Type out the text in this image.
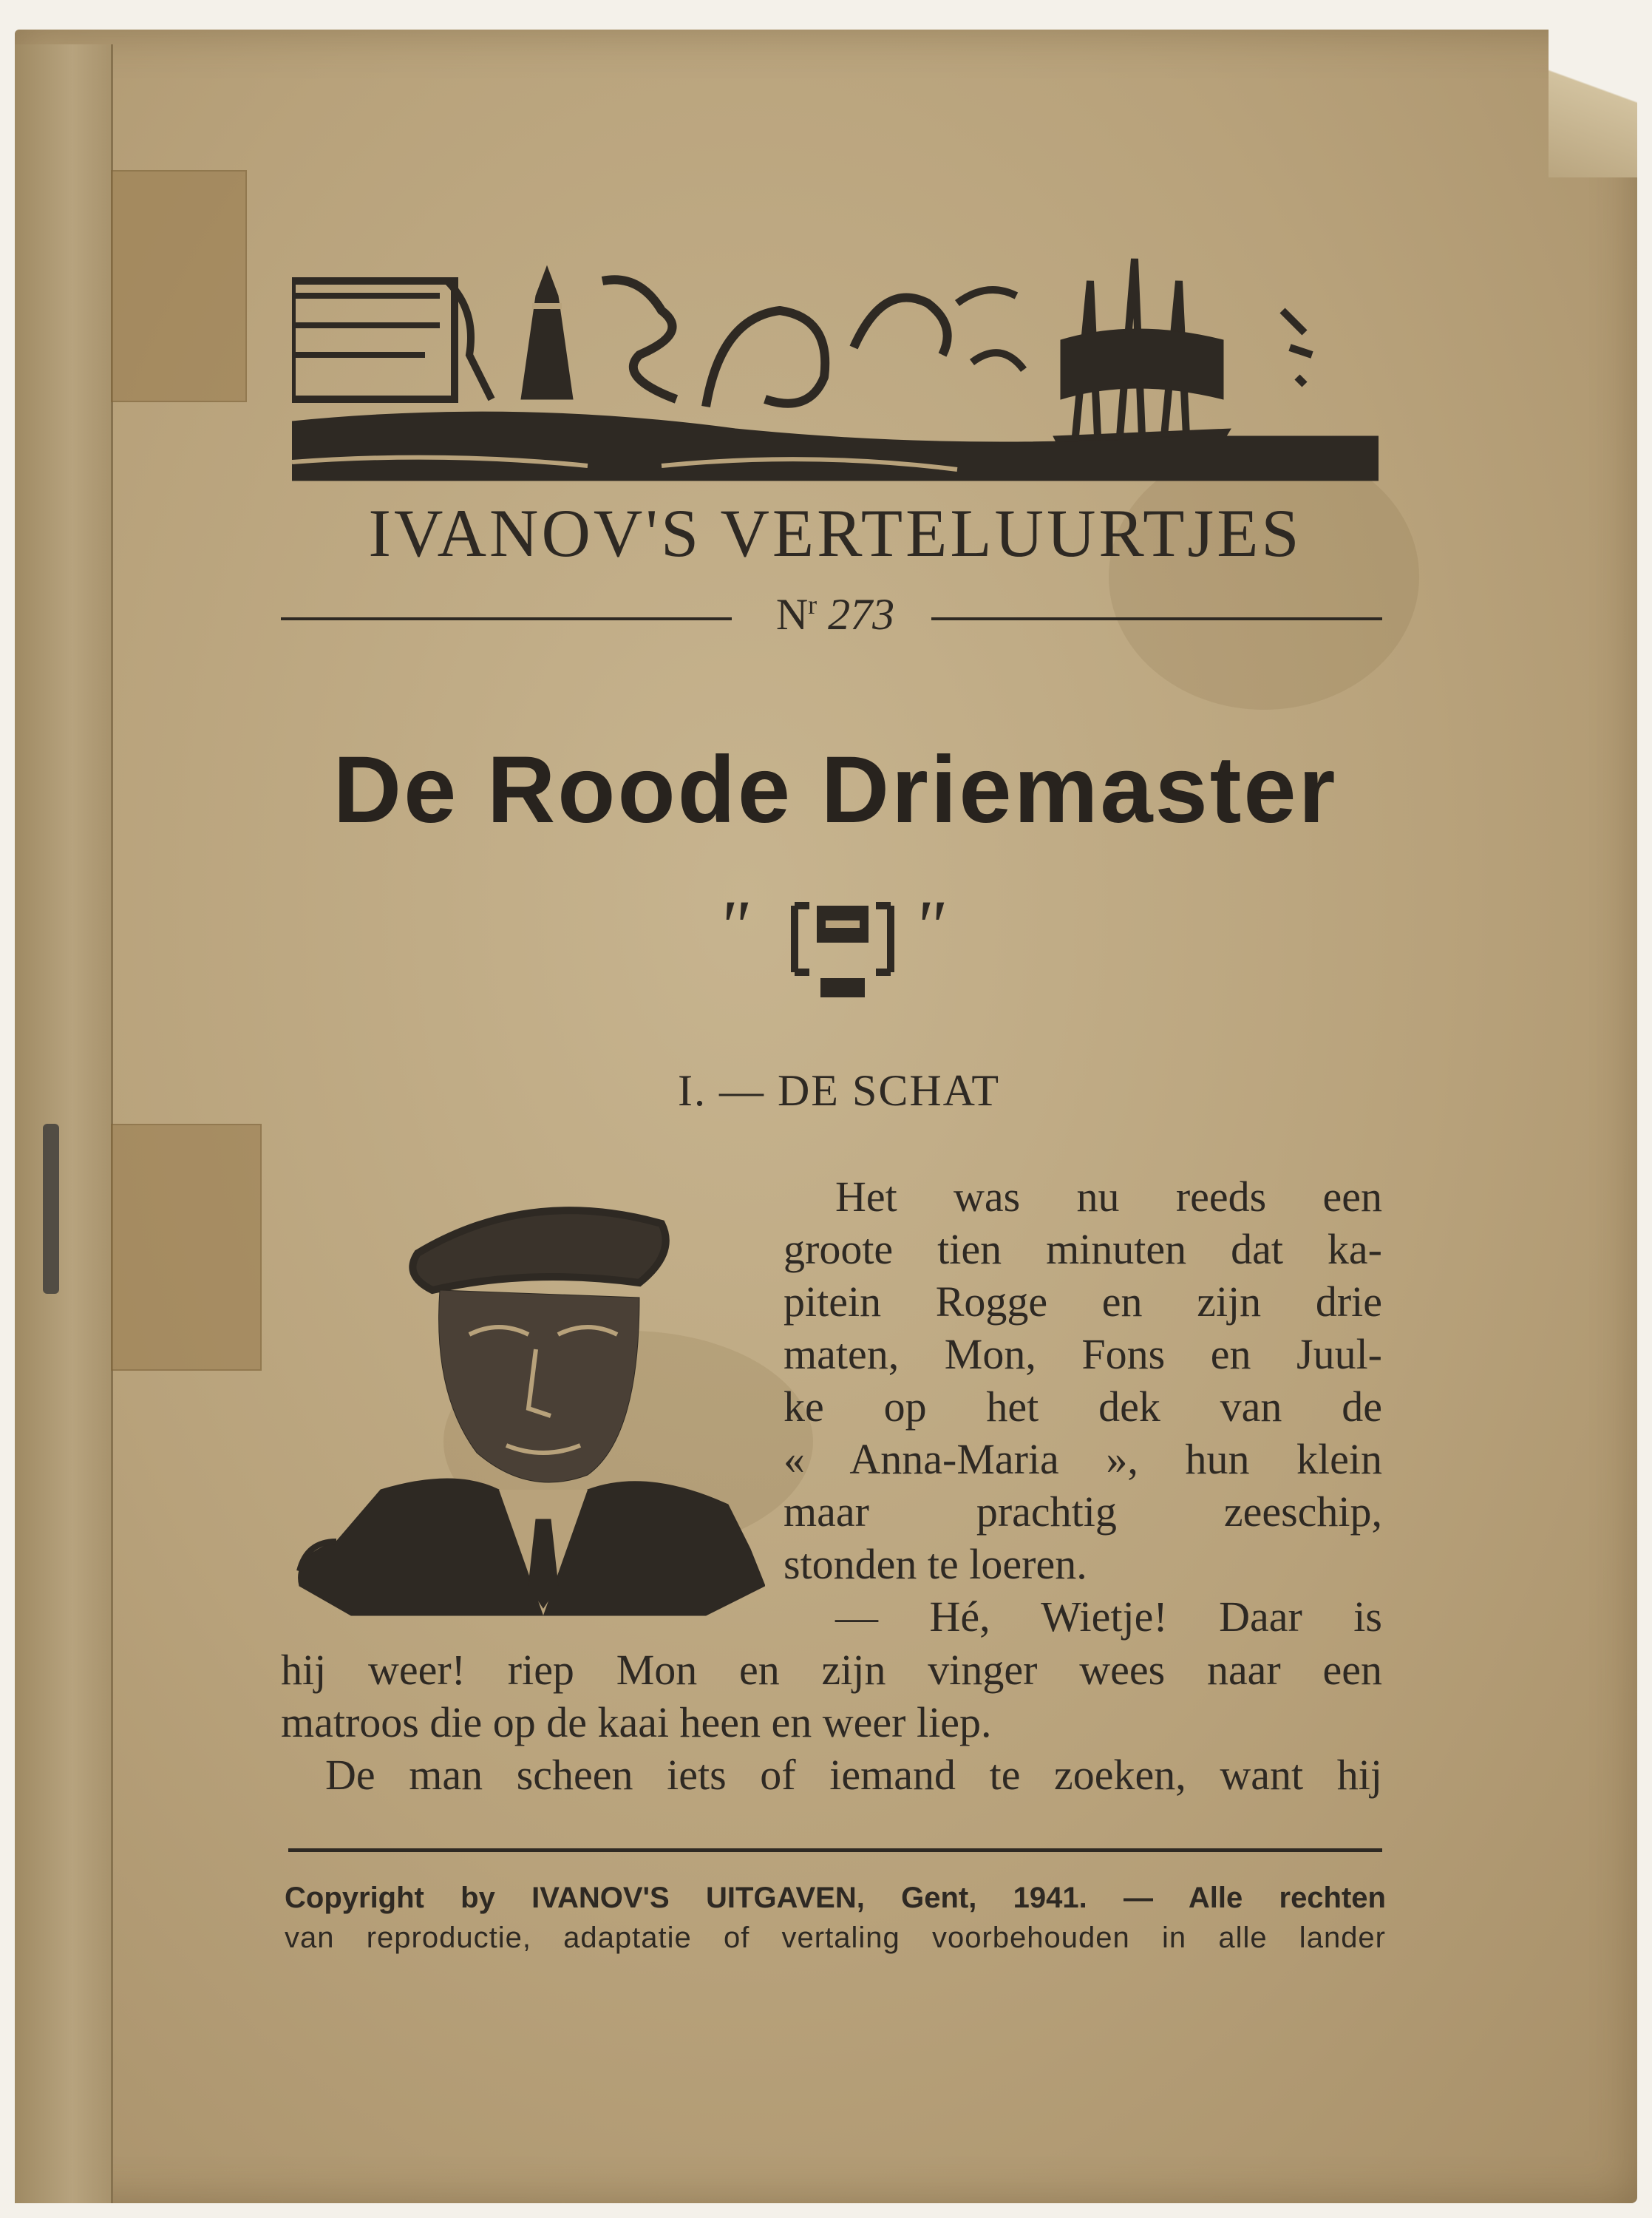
IVANOV'S VERTELUURTJES
$N^r$ 273
De Roode Driemaster
" "
I. — DE SCHAT
Het was nu reeds een
groote tien minuten dat ka-
pitein Rogge en zijn drie
maten, Mon, Fons en Juul-
ke op het dek van de
« Anna-Maria », hun klein
maar prachtig zeeschip,
stonden te loeren.
— Hé, Wietje! Daar is
hij weer! riep Mon en zijn vinger wees naar een
matroos die op de kaai heen en weer liep.
De man scheen iets of iemand te zoeken, want hij
Copyright by IVANOV'S UITGAVEN, Gent, 1941. — Alle rechten
van reproductie, adaptatie of vertaling voorbehouden in alle lander
